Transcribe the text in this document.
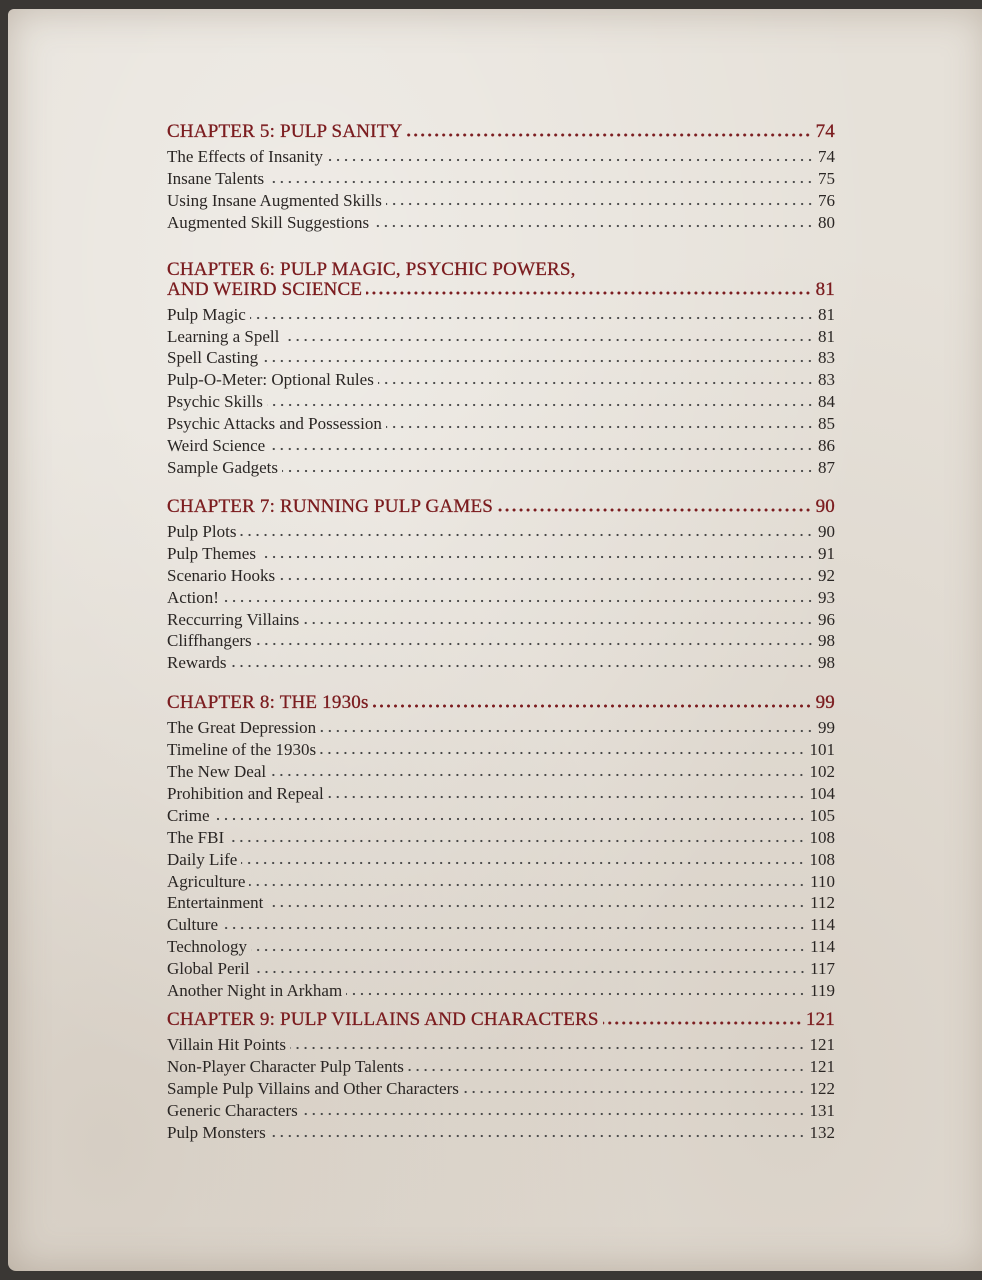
CHAPTER 5: PULP SANITY	74
The Effects of Insanity	74
Insane Talents	75
Using Insane Augmented Skills	76
Augmented Skill Suggestions	80
CHAPTER 6: PULP MAGIC, PSYCHIC POWERS,
AND WEIRD SCIENCE	81
Pulp Magic	81
Learning a Spell	81
Spell Casting	83
Pulp-O-Meter: Optional Rules	83
Psychic Skills	84
Psychic Attacks and Possession	85
Weird Science	86
Sample Gadgets	87
CHAPTER 7: RUNNING PULP GAMES	90
Pulp Plots	90
Pulp Themes	91
Scenario Hooks	92
Action!	93
Reccurring Villains	96
Cliffhangers	98
Rewards	98
CHAPTER 8: THE 1930s	99
The Great Depression	99
Timeline of the 1930s	101
The New Deal	102
Prohibition and Repeal	104
Crime	105
The FBI	108
Daily Life	108
Agriculture	110
Entertainment	112
Culture	114
Technology	114
Global Peril	117
Another Night in Arkham	119
CHAPTER 9: PULP VILLAINS AND CHARACTERS	121
Villain Hit Points	121
Non-Player Character Pulp Talents	121
Sample Pulp Villains and Other Characters	122
Generic Characters	131
Pulp Monsters	132
